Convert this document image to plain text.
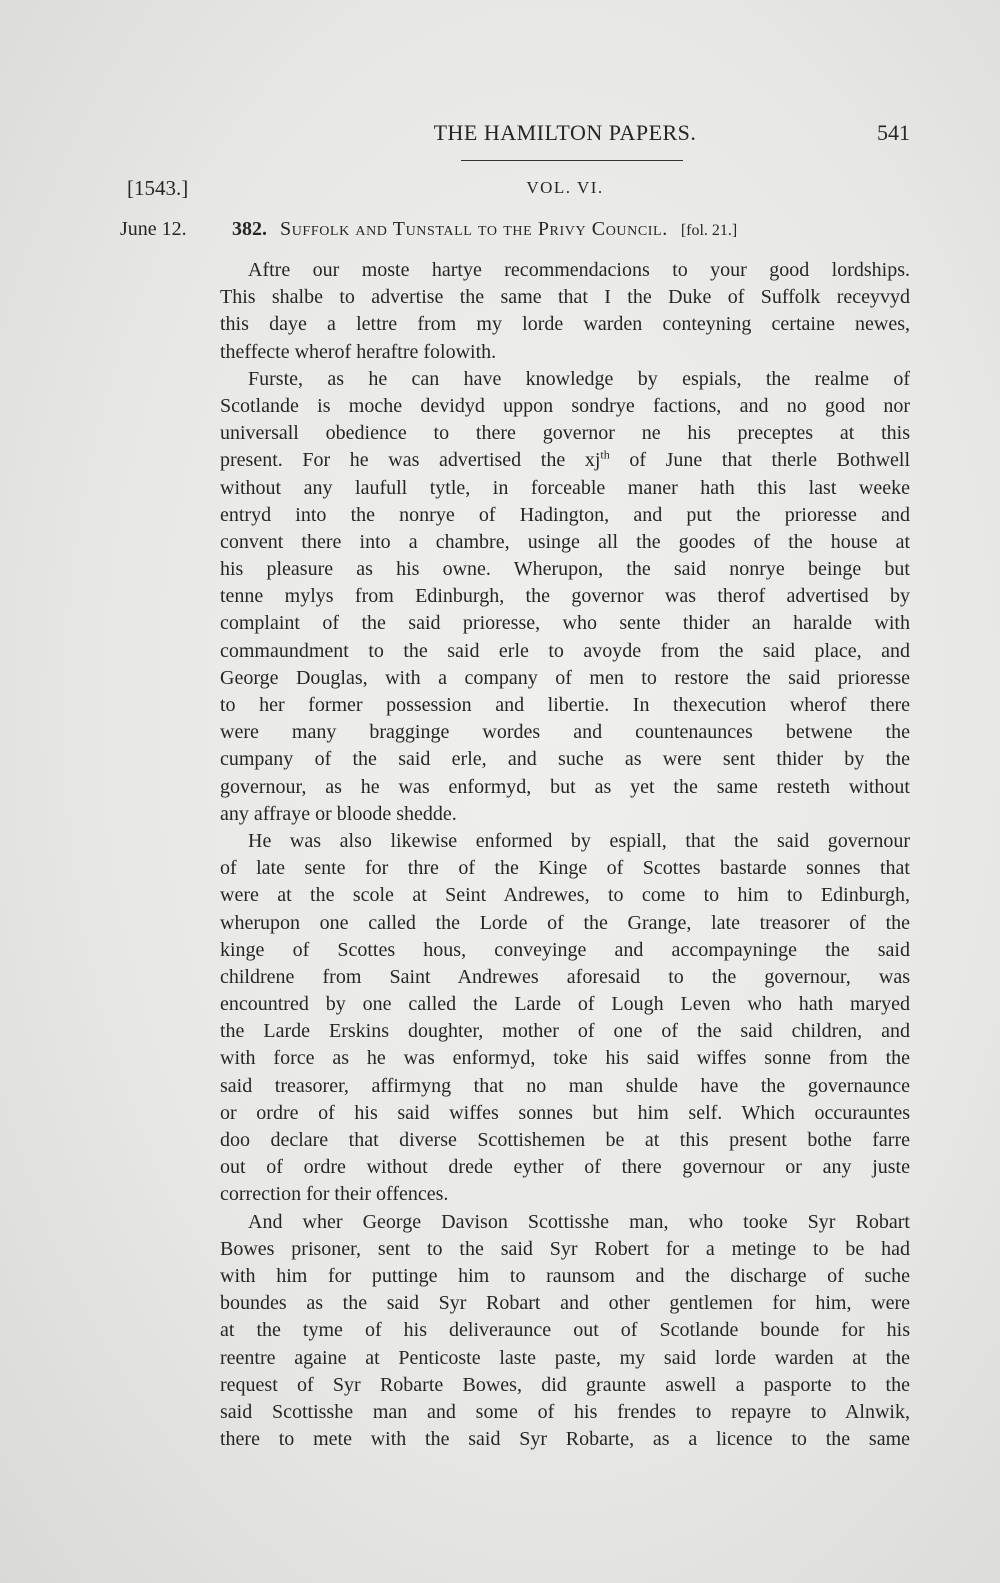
THE HAMILTON PAPERS.	541
[1543.]	VOL. VI.
June 12. 382. Suffolk and Tunstall to the Privy Council. [fol. 21.]

Aftre our moste hartye recommendacions to your good lordships.
This shalbe to advertise the same that I the Duke of Suffolk receyvyd
this daye a lettre from my lorde warden conteyning certaine newes,
theffecte wherof heraftre folowith.

Furste, as he can have knowledge by espials, the realme of
Scotlande is moche devidyd uppon sondrye factions, and no good nor
universall obedience to there governor ne his preceptes at this
present. For he was advertised the $xj^{th}$ of June that therle Bothwell
without any laufull tytle, in forceable maner hath this last weeke
entryd into the nonrye of Hadington, and put the prioresse and
convent there into a chambre, usinge all the goodes of the house at
his pleasure as his owne. Wherupon, the said nonrye beinge but
tenne mylys from Edinburgh, the governor was therof advertised by
complaint of the said prioresse, who sente thider an haralde with
commaundment to the said erle to avoyde from the said place, and
George Douglas, with a company of men to restore the said prioresse
to her former possession and libertie. In thexecution wherof there
were many bragginge wordes and countenaunces betwene the
cumpany of the said erle, and suche as were sent thider by the
governour, as he was enformyd, but as yet the same resteth without
any affraye or bloode shedde.

He was also likewise enformed by espiall, that the said governour
of late sente for thre of the Kinge of Scottes bastarde sonnes that
were at the scole at Seint Andrewes, to come to him to Edinburgh,
wherupon one called the Lorde of the Grange, late treasorer of the
kinge of Scottes hous, conveyinge and accompayninge the said
childrene from Saint Andrewes aforesaid to the governour, was
encountred by one called the Larde of Lough Leven who hath maryed
the Larde Erskins doughter, mother of one of the said children, and
with force as he was enformyd, toke his said wiffes sonne from the
said treasorer, affirmyng that no man shulde have the governaunce
or ordre of his said wiffes sonnes but him self. Which occurauntes
doo declare that diverse Scottishemen be at this present bothe farre
out of ordre without drede eyther of there governour or any juste
correction for their offences.

And wher George Davison Scottisshe man, who tooke Syr Robart
Bowes prisoner, sent to the said Syr Robert for a metinge to be had
with him for puttinge him to raunsom and the discharge of suche
boundes as the said Syr Robart and other gentlemen for him, were
at the tyme of his deliveraunce out of Scotlande bounde for his
reentre againe at Penticoste laste paste, my said lorde warden at the
request of Syr Robarte Bowes, did graunte aswell a pasporte to the
said Scottisshe man and some of his frendes to repayre to Alnwik,
there to mete with the said Syr Robarte, as a licence to the same
